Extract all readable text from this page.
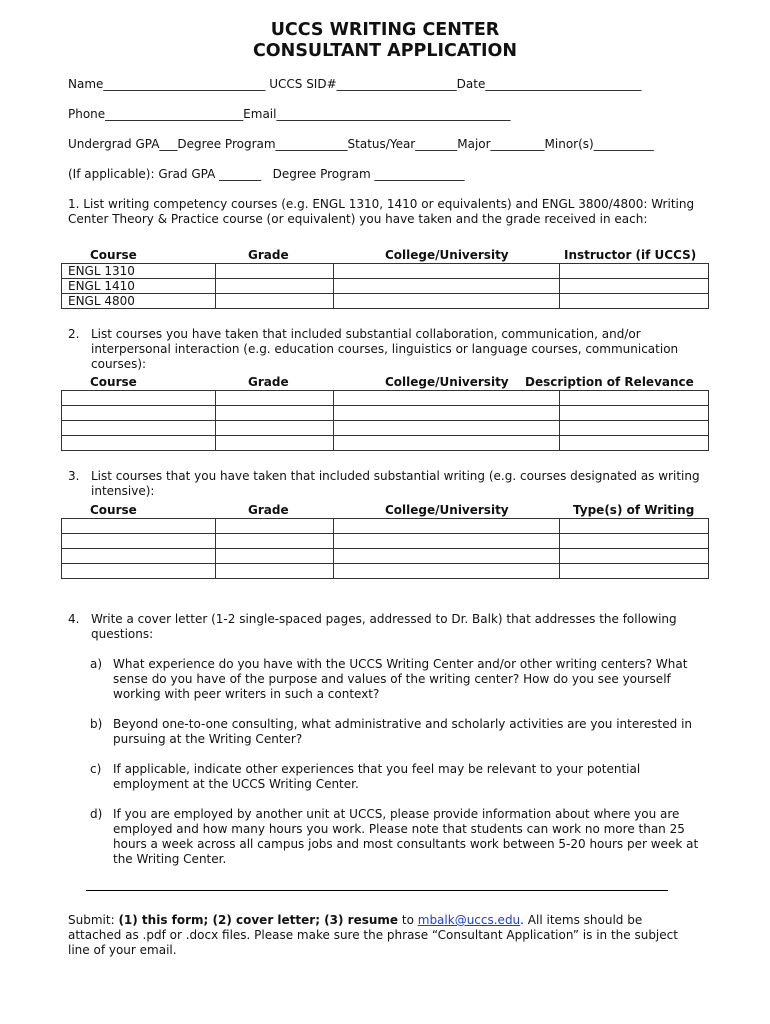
UCCS WRITING CENTER
CONSULTANT APPLICATION
Name___________________________ UCCS SID#____________________Date__________________________
Phone_______________________Email_______________________________________
Undergrad GPA___Degree Program____________Status/Year_______Major_________Minor(s)__________
(If applicable): Grad GPA _______   Degree Program _______________
1. List writing competency courses (e.g. ENGL 1310, 1410 or equivalents) and ENGL 3800/4800: Writing Center Theory & Practice course (or equivalent) you have taken and the grade received in each:
Course	Grade	College/University	Instructor (if UCCS)
ENGL 1310			
ENGL 1410			
ENGL 4800			
2. List courses you have taken that included substantial collaboration, communication, and/or interpersonal interaction (e.g. education courses, linguistics or language courses, communication courses):
Course	Grade	College/University Description of Relevance

3. List courses that you have taken that included substantial writing (e.g. courses designated as writing intensive):
Course	Grade	College/University	Type(s) of Writing

4. Write a cover letter (1-2 single-spaced pages, addressed to Dr. Balk) that addresses the following questions:
a) What experience do you have with the UCCS Writing Center and/or other writing centers? What sense do you have of the purpose and values of the writing center? How do you see yourself working with peer writers in such a context?
b) Beyond one-to-one consulting, what administrative and scholarly activities are you interested in pursuing at the Writing Center?
c) If applicable, indicate other experiences that you feel may be relevant to your potential employment at the UCCS Writing Center.
d) If you are employed by another unit at UCCS, please provide information about where you are employed and how many hours you work. Please note that students can work no more than 25 hours a week across all campus jobs and most consultants work between 5-20 hours per week at the Writing Center.
Submit: (1) this form; (2) cover letter; (3) resume to mbalk@uccs.edu. All items should be attached as .pdf or .docx files. Please make sure the phrase “Consultant Application” is in the subject line of your email.
